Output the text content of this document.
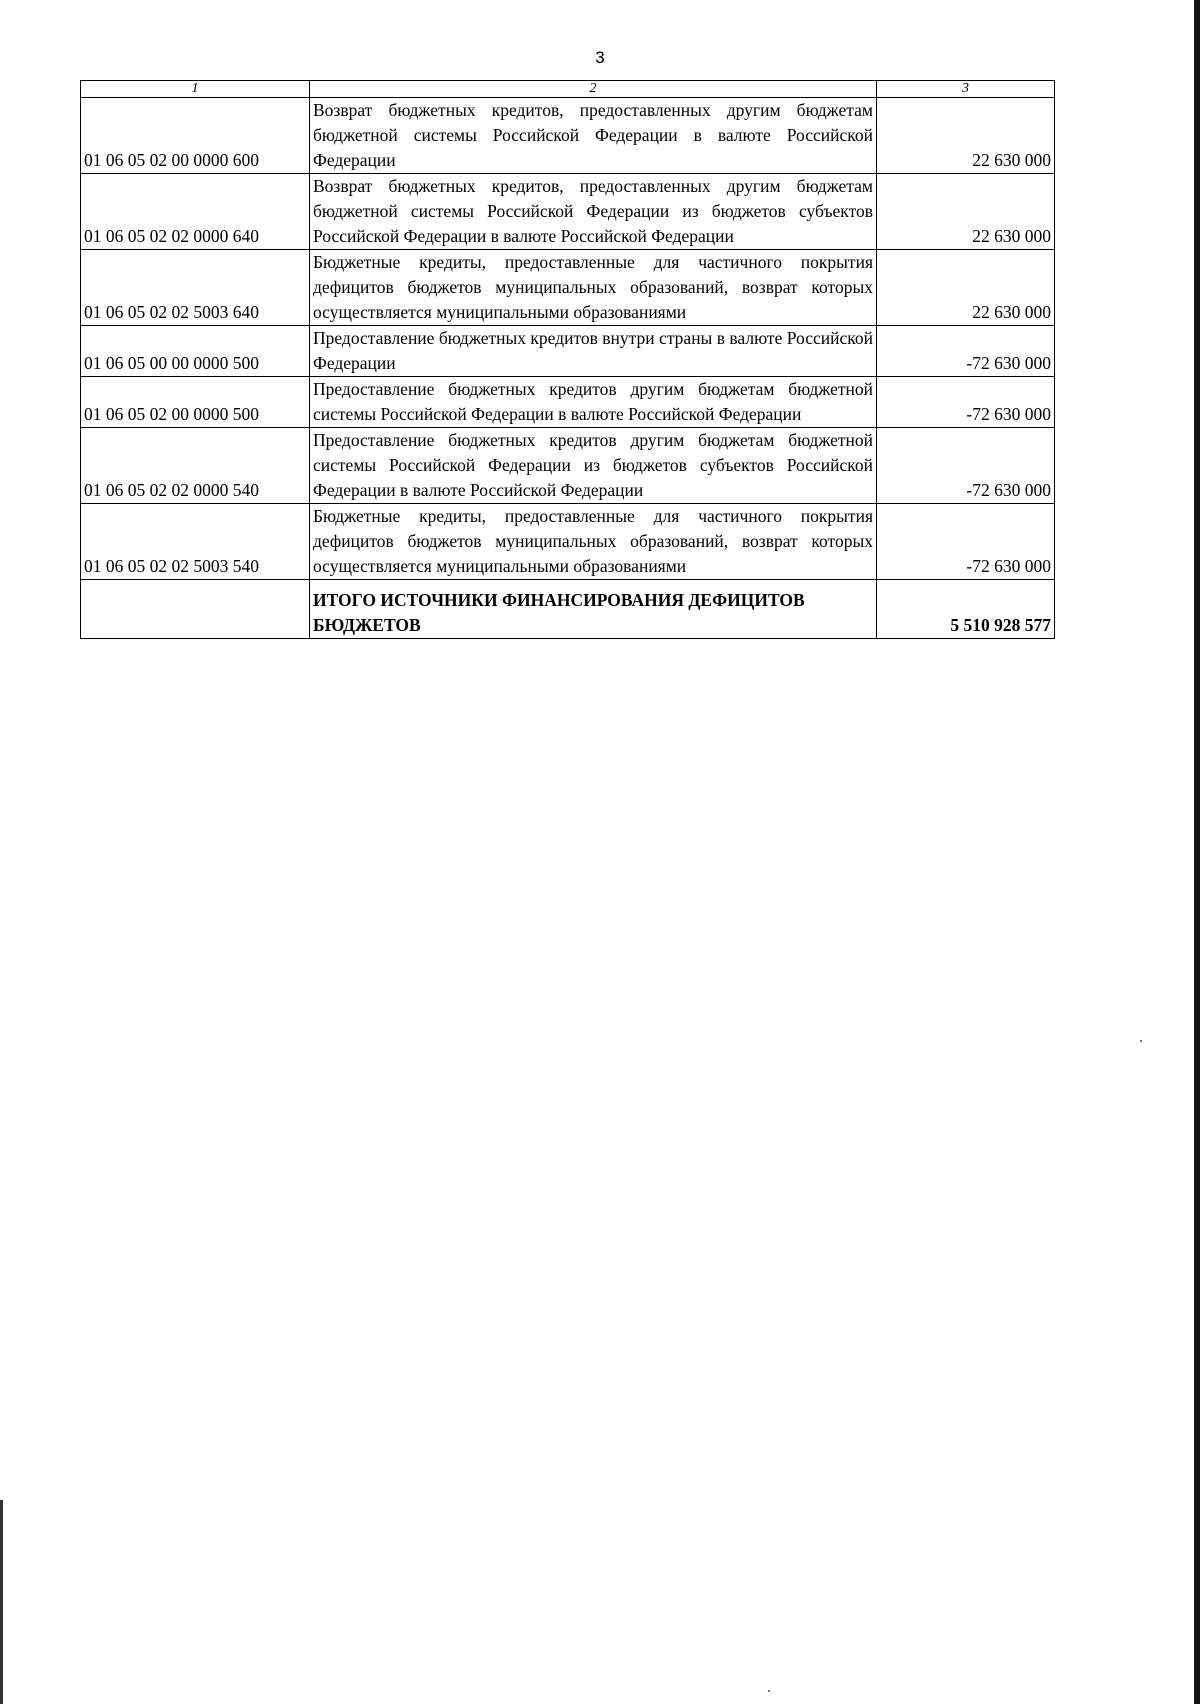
3
1	2	3
01 06 05 02 00 0000 600	Возврат бюджетных кредитов, предоставленных другим бюджетам бюджетной системы Российской Федерации в валюте Российской Федерации	22 630 000
01 06 05 02 02 0000 640	Возврат бюджетных кредитов, предоставленных другим бюджетам бюджетной системы Российской Федерации из бюджетов субъектов Российской Федерации в валюте Российской Федерации	22 630 000
01 06 05 02 02 5003 640	Бюджетные кредиты, предоставленные для частичного покрытия дефицитов бюджетов муниципальных образований, возврат которых осуществляется муниципальными образованиями	22 630 000
01 06 05 00 00 0000 500	Предоставление бюджетных кредитов внутри страны в валюте Российской Федерации	-72 630 000
01 06 05 02 00 0000 500	Предоставление бюджетных кредитов другим бюджетам бюджетной системы Российской Федерации в валюте Российской Федерации	-72 630 000
01 06 05 02 02 0000 540	Предоставление бюджетных кредитов другим бюджетам бюджетной системы Российской Федерации из бюджетов субъектов Российской Федерации в валюте Российской Федерации	-72 630 000
01 06 05 02 02 5003 540	Бюджетные кредиты, предоставленные для частичного покрытия дефицитов бюджетов муниципальных образований, возврат которых осуществляется муниципальными образованиями	-72 630 000
	ИТОГО ИСТОЧНИКИ ФИНАНСИРОВАНИЯ ДЕФИЦИТОВ БЮДЖЕТОВ	5 510 928 577
